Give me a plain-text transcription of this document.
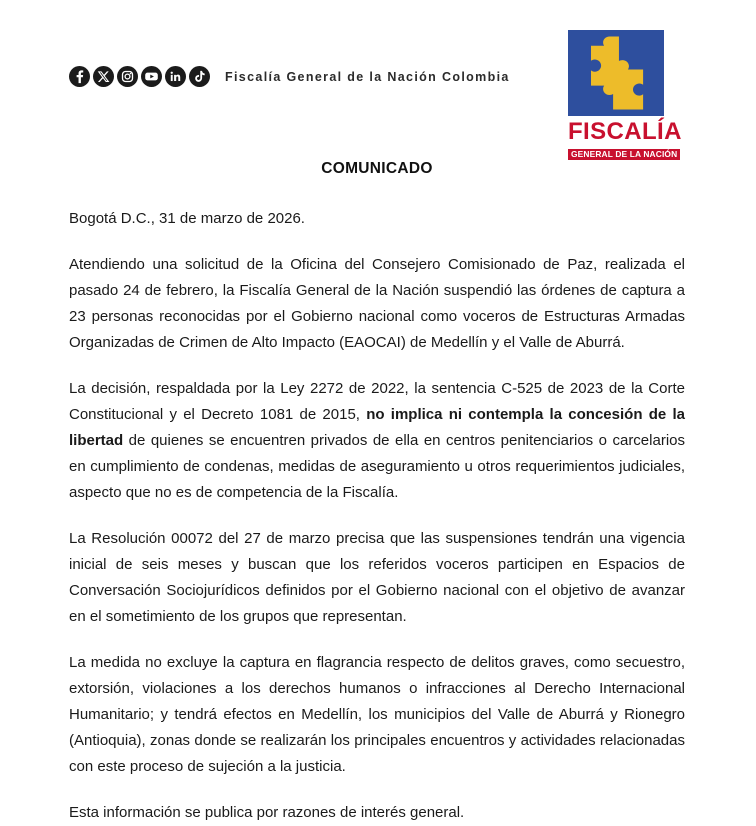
Fiscalía General de la Nación Colombia
FISCALÍA
GENERAL DE LA NACIÓN
COMUNICADO

Bogotá D.C., 31 de marzo de 2026.

Atendiendo una solicitud de la Oficina del Consejero Comisionado de Paz, realizada el pasado 24 de febrero, la Fiscalía General de la Nación suspendió las órdenes de captura a 23 personas reconocidas por el Gobierno nacional como voceros de Estructuras Armadas Organizadas de Crimen de Alto Impacto (EAOCAI) de Medellín y el Valle de Aburrá.

La decisión, respaldada por la Ley 2272 de 2022, la sentencia C-525 de 2023 de la Corte Constitucional y el Decreto 1081 de 2015, no implica ni contempla la concesión de la libertad de quienes se encuentren privados de ella en centros penitenciarios o carcelarios en cumplimiento de condenas, medidas de aseguramiento u otros requerimientos judiciales, aspecto que no es de competencia de la Fiscalía.

La Resolución 00072 del 27 de marzo precisa que las suspensiones tendrán una vigencia inicial de seis meses y buscan que los referidos voceros participen en Espacios de Conversación Sociojurídicos definidos por el Gobierno nacional con el objetivo de avanzar en el sometimiento de los grupos que representan.

La medida no excluye la captura en flagrancia respecto de delitos graves, como secuestro, extorsión, violaciones a los derechos humanos o infracciones al Derecho Internacional Humanitario; y tendrá efectos en Medellín, los municipios del Valle de Aburrá y Rionegro (Antioquia), zonas donde se realizarán los principales encuentros y actividades relacionadas con este proceso de sujeción a la justicia.

Esta información se publica por razones de interés general.
